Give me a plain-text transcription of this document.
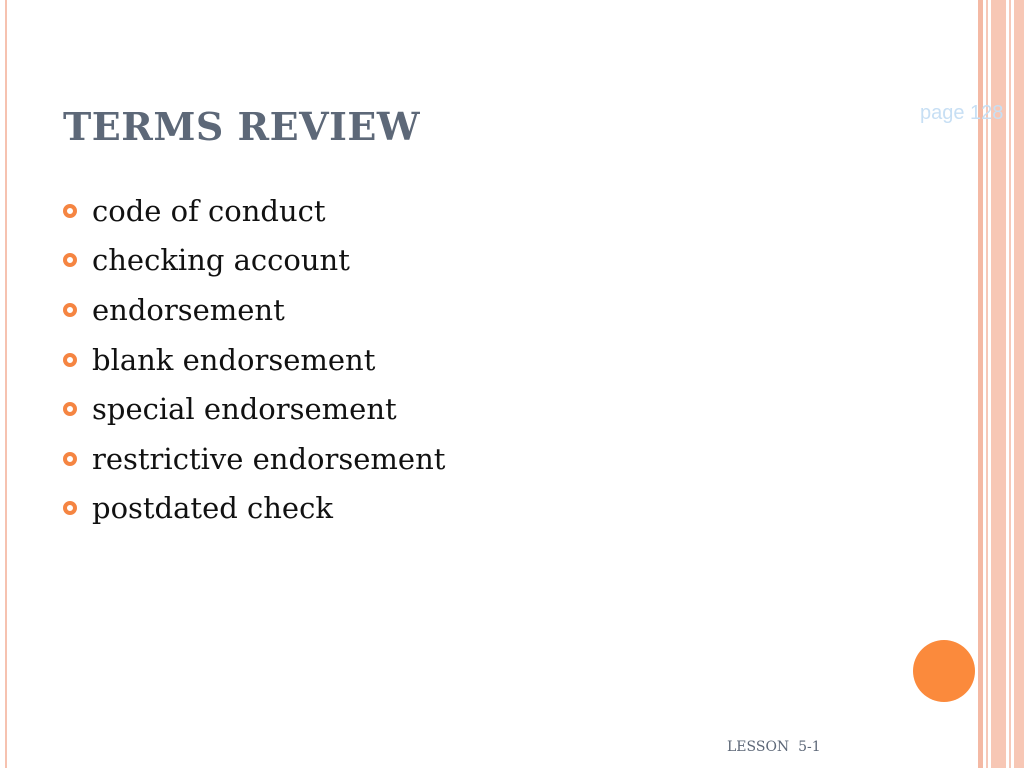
TERMS REVIEW	page 128
code of conduct
checking account
endorsement
blank endorsement
special endorsement
restrictive endorsement
postdated check
LESSON  5-1
